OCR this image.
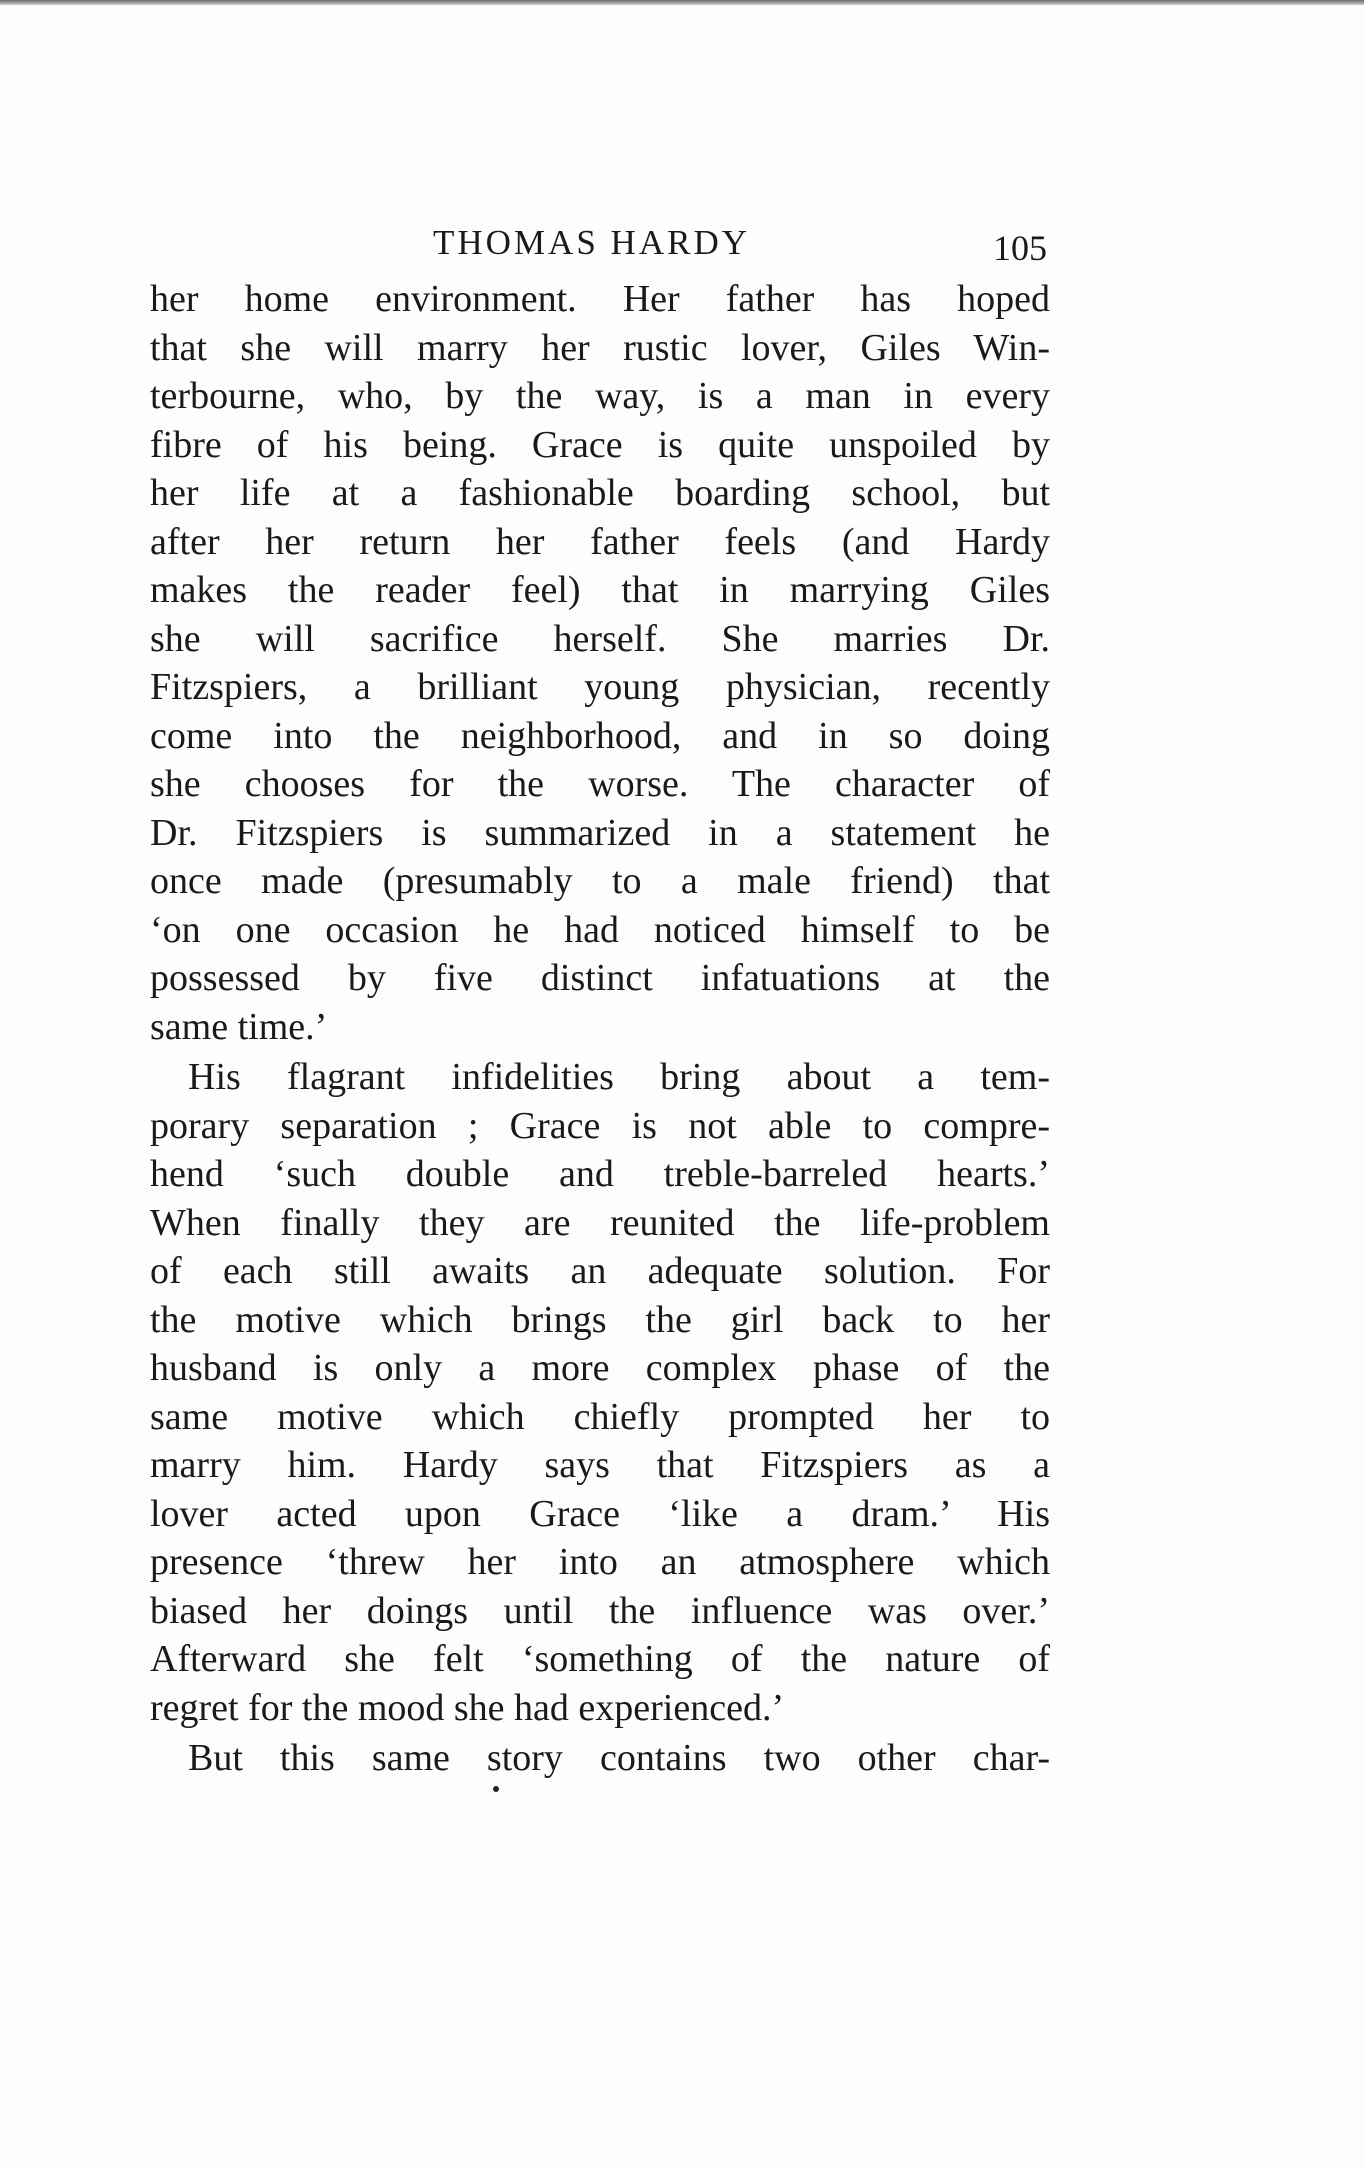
THOMAS HARDY	105
her home environment. Her father has hoped
that she will marry her rustic lover, Giles Win-
terbourne, who, by the way, is a man in every
fibre of his being. Grace is quite unspoiled by
her life at a fashionable boarding school, but
after her return her father feels (and Hardy
makes the reader feel) that in marrying Giles
she will sacrifice herself. She marries Dr.
Fitzspiers, a brilliant young physician, recently
come into the neighborhood, and in so doing
she chooses for the worse. The character of
Dr. Fitzspiers is summarized in a statement he
once made (presumably to a male friend) that
‘on one occasion he had noticed himself to be
possessed by five distinct infatuations at the
same time.’
His flagrant infidelities bring about a tem-
porary separation ; Grace is not able to compre-
hend ‘such double and treble-barreled hearts.’
When finally they are reunited the life-problem
of each still awaits an adequate solution. For
the motive which brings the girl back to her
husband is only a more complex phase of the
same motive which chiefly prompted her to
marry him. Hardy says that Fitzspiers as a
lover acted upon Grace ‘like a dram.’ His
presence ‘threw her into an atmosphere which
biased her doings until the influence was over.’
Afterward she felt ‘something of the nature of
regret for the mood she had experienced.’
But this same story contains two other char-
